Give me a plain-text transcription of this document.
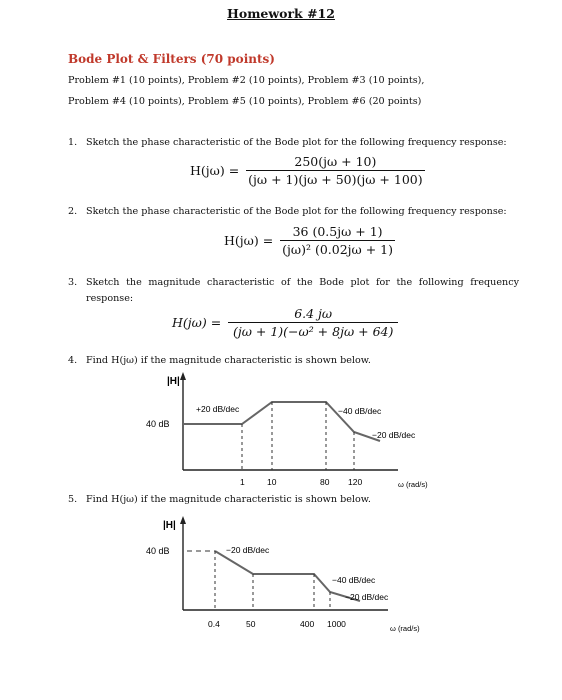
Homework #12
Bode Plot & Filters (70 points)
Problem #1 (10 points), Problem #2 (10 points), Problem #3 (10 points),
Problem #4 (10 points), Problem #5 (10 points), Problem #6 (20 points)
1. Sketch the phase characteristic of the Bode plot for the following frequency response:
$H(j\omega) = \frac{250(j\omega + 10)}{(j\omega + 1)(j\omega + 50)(j\omega + 100)}$
2. Sketch the phase characteristic of the Bode plot for the following frequency response:
$H(j\omega) = \frac{36 (0.5j\omega + 1)}{\text{(jω)² (0.02jω + 1)}}$
3. Sketch the magnitude characteristic of the Bode plot for the following frequency
response:
$H(j\omega) = \frac{6.4 j\omega}{\text{(jω + 1)(−ω² + 8jω + 64)}}$
4. Find H(jω) if the magnitude characteristic is shown below.
|H|
40 dB
+20 dB/dec	−40 dB/dec
−20 dB/dec
1	10	80 120	ω (rad/s)
5. Find H(jω) if the magnitude characteristic is shown below.
|H|
40 dB	−20 dB/dec
−40 dB/dec
−20 dB/dec
0.4	50	400 1000	ω (rad/s)
